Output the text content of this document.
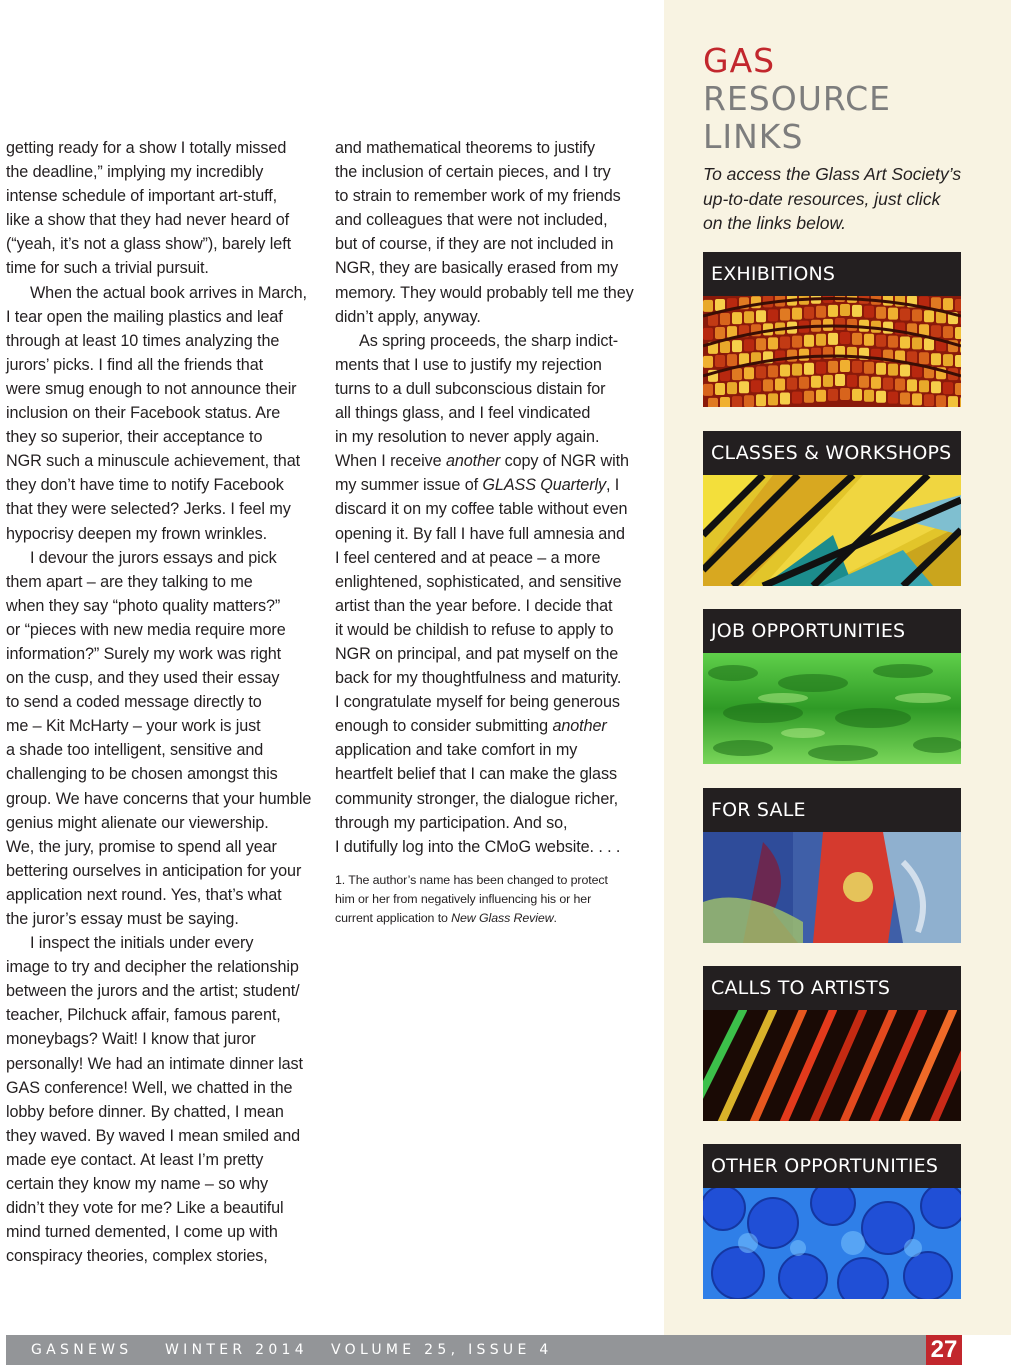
getting ready for a show I totally missed
the deadline,” implying my incredibly
intense schedule of important art-stuff,
like a show that they had never heard of
(“yeah, it’s not a glass show”), barely left
time for such a trivial pursuit.

When the actual book arrives in March,
I tear open the mailing plastics and leaf
through at least 10 times analyzing the
jurors’ picks. I find all the friends that
were smug enough to not announce their
inclusion on their Facebook status. Are
they so superior, their acceptance to
NGR such a minuscule achievement, that
they don’t have time to notify Facebook
that they were selected? Jerks. I feel my
hypocrisy deepen my frown wrinkles.

I devour the jurors essays and pick
them apart – are they talking to me
when they say “photo quality matters?”
or “pieces with new media require more
information?” Surely my work was right
on the cusp, and they used their essay
to send a coded message directly to
me – Kit McHarty – your work is just
a shade too intelligent, sensitive and
challenging to be chosen amongst this
group. We have concerns that your humble
genius might alienate our viewership.
We, the jury, promise to spend all year
bettering ourselves in anticipation for your
application next round. Yes, that’s what
the juror’s essay must be saying.

I inspect the initials under every
image to try and decipher the relationship
between the jurors and the artist; student/
teacher, Pilchuck affair, famous parent,
moneybags? Wait! I know that juror
personally! We had an intimate dinner last
GAS conference! Well, we chatted in the
lobby before dinner. By chatted, I mean
they waved. By waved I mean smiled and
made eye contact. At least I’m pretty
certain they know my name – so why
didn’t they vote for me? Like a beautiful
mind turned demented, I come up with
conspiracy theories, complex stories,

and mathematical theorems to justify
the inclusion of certain pieces, and I try
to strain to remember work of my friends
and colleagues that were not included,
but of course, if they are not included in
NGR, they are basically erased from my
memory. They would probably tell me they
didn’t apply, anyway.

As spring proceeds, the sharp indict-
ments that I use to justify my rejection
turns to a dull subconscious distain for
all things glass, and I feel vindicated
in my resolution to never apply again.
When I receive another copy of NGR with
my summer issue of GLASS Quarterly, I
discard it on my coffee table without even
opening it. By fall I have full amnesia and
I feel centered and at peace – a more
enlightened, sophisticated, and sensitive
artist than the year before. I decide that
it would be childish to refuse to apply to
NGR on principal, and pat myself on the
back for my thoughtfulness and maturity.
I congratulate myself for being generous
enough to consider submitting another
application and take comfort in my
heartfelt belief that I can make the glass
community stronger, the dialogue richer,
through my participation. And so,
I dutifully log into the CMoG website. . . .

1. The author’s name has been changed to protect
him or her from negatively influencing his or her
current application to New Glass Review.
GAS
RESOURCE
LINKS
To access the Glass Art Society’s
up-to-date resources, just click
on the links below.
EXHIBITIONS
CLASSES & WORKSHOPS
JOB OPPORTUNITIES
FOR SALE
CALLS TO ARTISTS
OTHER OPPORTUNITIES
GASNEWS WINTER 2014 VOLUME 25, ISSUE 4	27
